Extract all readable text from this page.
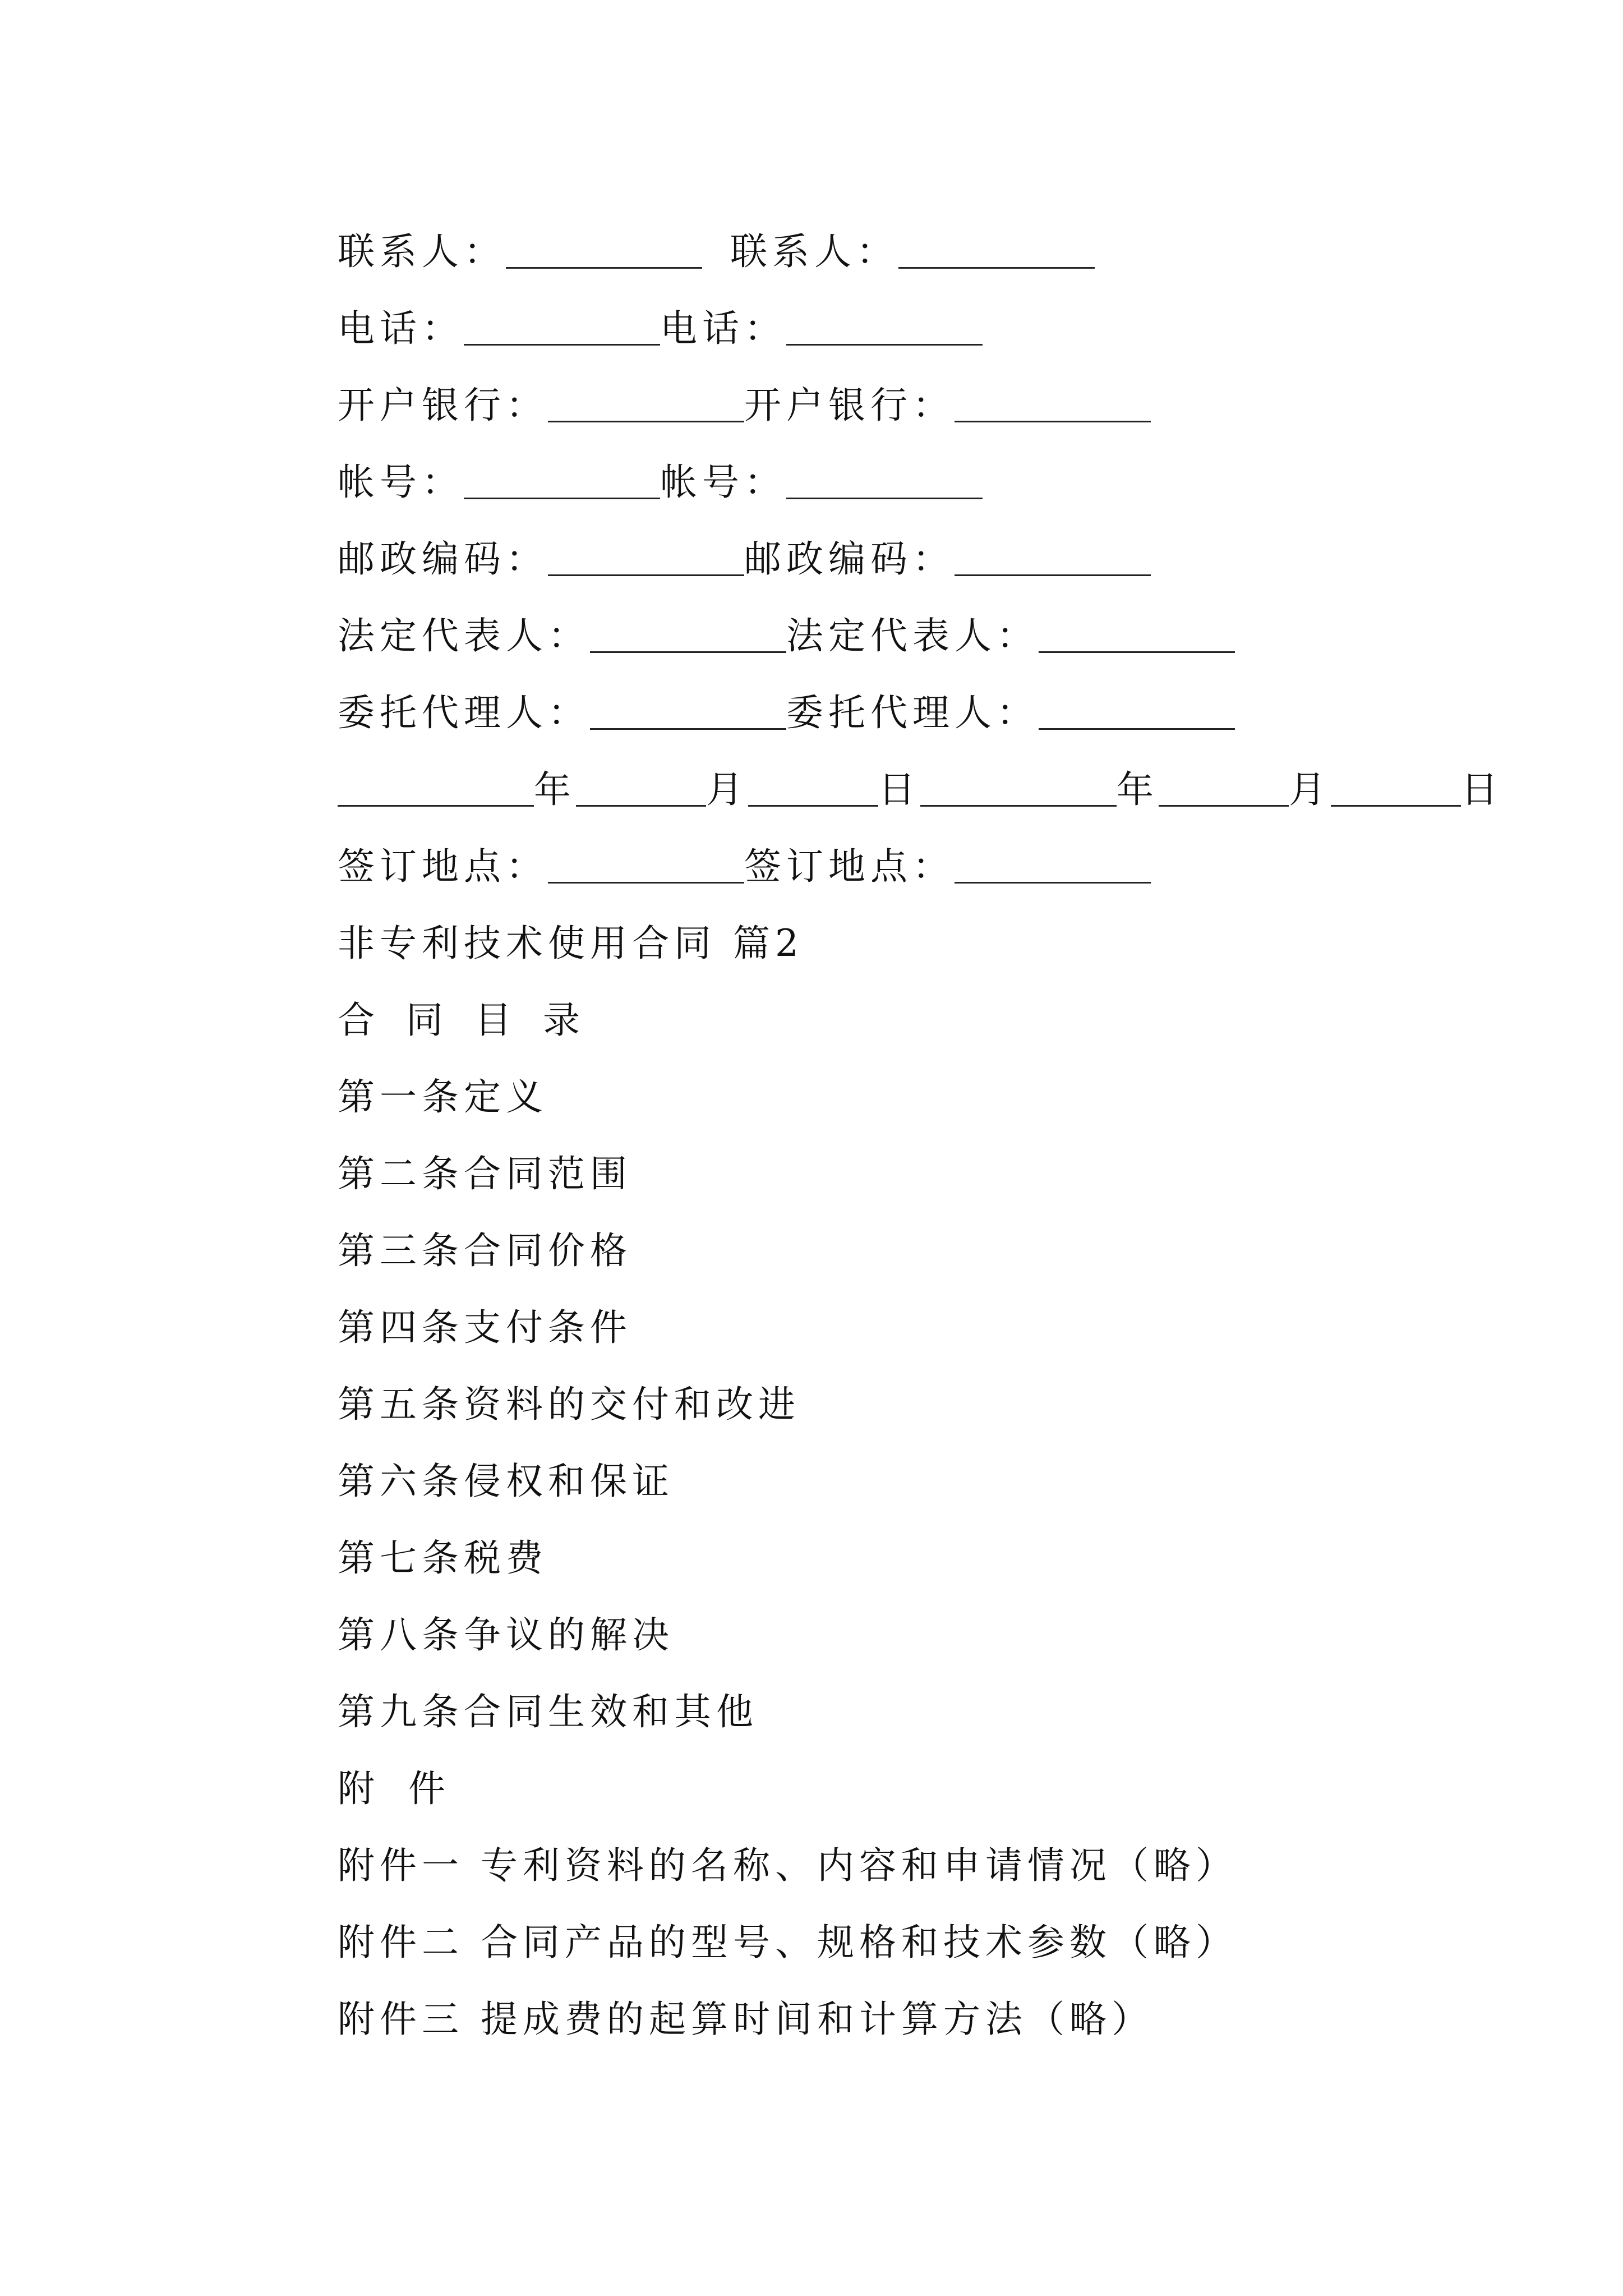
联系人：	联系人：
电话：	电话：
开户银行：	开户银行：
帐号：	帐号：
邮政编码：	邮政编码：
法定代表人：	法定代表人：
委托代理人：	委托代理人：
年	月	日	年	月	日
签订地点：	签订地点：
非专利技术使用合同 篇2
合同目录
第一条定义
第二条合同范围
第三条合同价格
第四条支付条件
第五条资料的交付和改进
第六条侵权和保证
第七条税费
第八条争议的解决
第九条合同生效和其他
附件
附件一 专利资料的名称、内容和申请情况（略）
附件二 合同产品的型号、规格和技术参数（略）
附件三 提成费的起算时间和计算方法（略）
